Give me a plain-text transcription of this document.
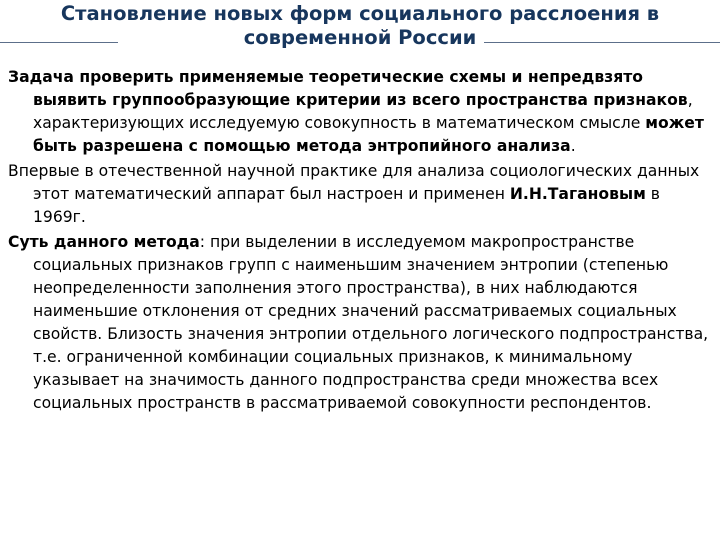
Становление новых форм социального расслоения в современной России

Задача проверить применяемые теоретические схемы и непредвзято выявить группообразующие критерии из всего пространства признаков, характеризующих исследуемую совокупность в математическом смысле может быть разрешена с помощью метода энтропийного анализа.

Впервые в отечественной научной практике для анализа социологических данных этот математический аппарат был настроен и применен И.Н.Тагановым в 1969г.

Суть данного метода: при выделении в исследуемом макропространстве социальных признаков групп с наименьшим значением энтропии (степенью неопределенности заполнения этого пространства), в них наблюдаются наименьшие отклонения от средних значений рассматриваемых социальных свойств. Близость значения энтропии отдельного логического подпространства, т.е. ограниченной комбинации социальных признаков, к минимальному указывает на значимость данного подпространства среди множества всех социальных пространств в рассматриваемой совокупности респондентов.
